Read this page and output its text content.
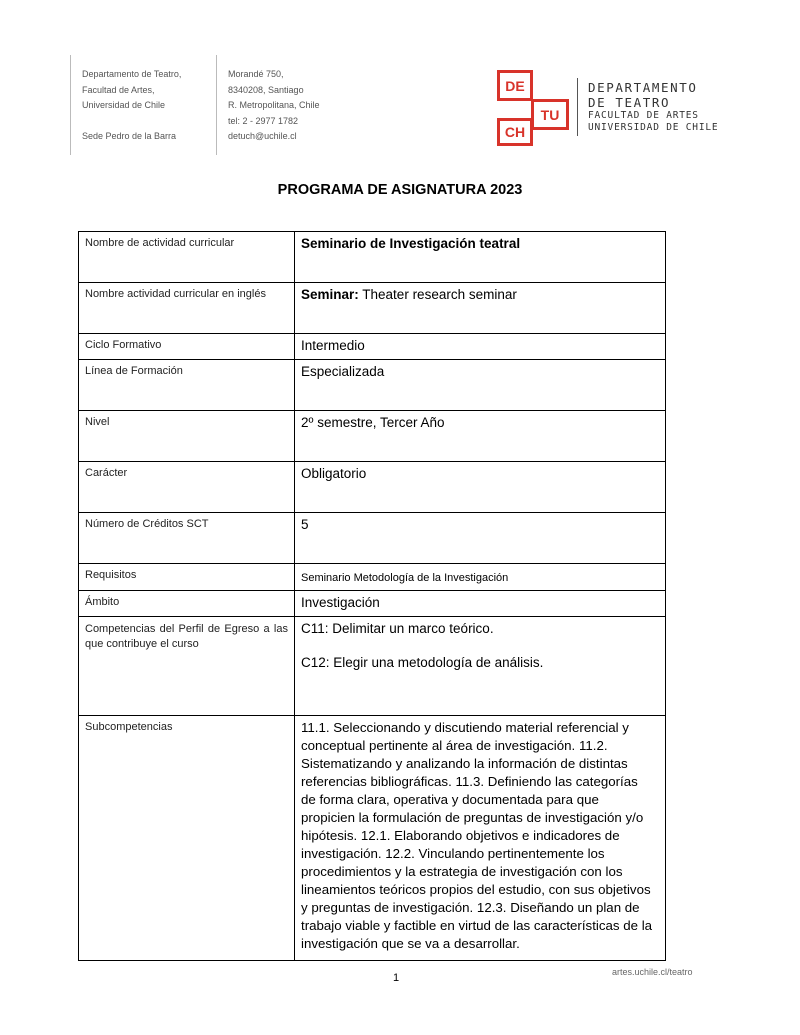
Departamento de Teatro,
Facultad de Artes,
Universidad de Chile
Sede Pedro de la Barra
Morandé 750,
8340208, Santiago
R. Metropolitana, Chile
tel: 2 - 2977 1782
detuch@uchile.cl
DE
TU
CH
DEPARTAMENTO
DE TEATRO
FACULTAD DE ARTES
UNIVERSIDAD DE CHILE
PROGRAMA DE ASIGNATURA 2023
Nombre de actividad curricular	Seminario de Investigación teatral
Nombre actividad curricular en inglés	Seminar: Theater research seminar
Ciclo Formativo	Intermedio
Línea de Formación	Especializada
Nivel	2º semestre, Tercer Año
Carácter	Obligatorio
Número de Créditos SCT	5
Requisitos	Seminario Metodología de la Investigación
Ámbito	Investigación
Competencias del Perfil de Egreso a las que contribuye el curso	C11: Delimitar un marco teórico.
C12: Elegir una metodología de análisis.

Subcompetencias	11.1. Seleccionando y discutiendo material referencial y conceptual pertinente al área de investigación. 11.2. Sistematizando y analizando la información de distintas referencias bibliográficas. 11.3. Definiendo las categorías de forma clara, operativa y documentada para que propicien la formulación de preguntas de investigación y/o hipótesis. 12.1. Elaborando objetivos e indicadores de investigación. 12.2. Vinculando pertinentemente los procedimientos y la estrategia de investigación con los lineamientos teóricos propios del estudio, con sus objetivos y preguntas de investigación. 12.3. Diseñando un plan de trabajo viable y factible en virtud de las características de la investigación que se va a desarrollar.
1	artes.uchile.cl/teatro
